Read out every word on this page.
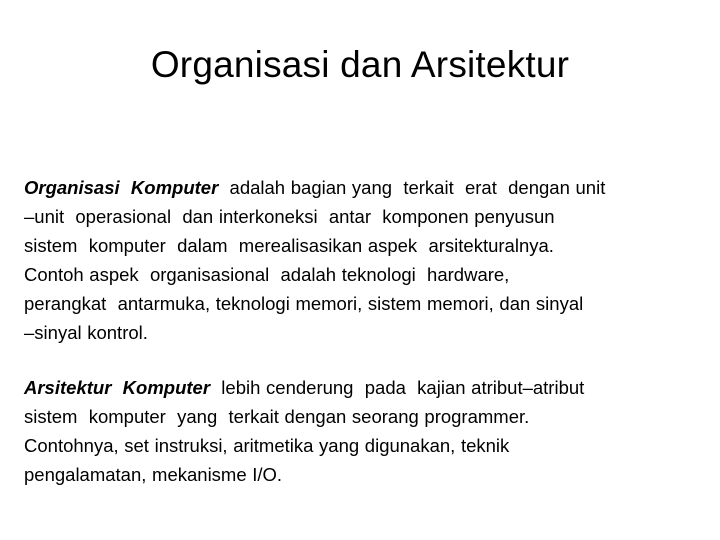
Organisasi dan Arsitektur

Organisasi  Komputer  adalah bagian yang  terkait  erat  dengan unit
–unit  operasional  dan interkoneksi  antar  komponen penyusun
sistem  komputer  dalam  merealisasikan aspek  arsitekturalnya.
Contoh aspek  organisasional  adalah teknologi  hardware,
perangkat  antarmuka, teknologi memori, sistem memori, dan sinyal
–sinyal kontrol.

Arsitektur  Komputer  lebih cenderung  pada  kajian atribut–atribut
sistem  komputer  yang  terkait dengan seorang programmer.
Contohnya, set instruksi, aritmetika yang digunakan, teknik
pengalamatan, mekanisme I/O.
